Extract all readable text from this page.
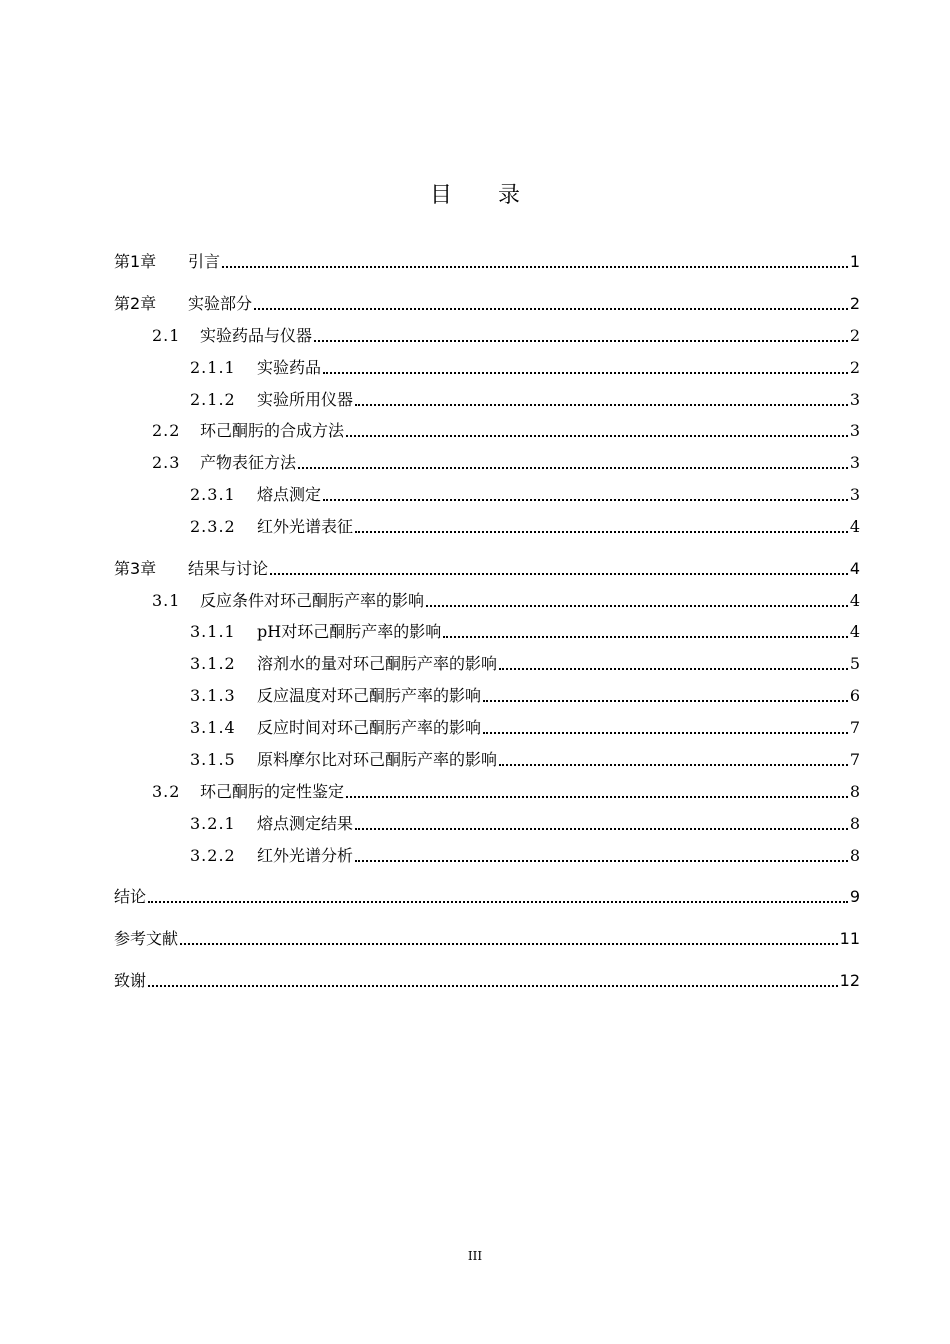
目 录
第1章	引言	1
第2章	实验部分	2
2.1	实验药品与仪器	2
2.1.1	实验药品	2
2.1.2	实验所用仪器	3
2.2	环己酮肟的合成方法	3
2.3	产物表征方法	3
2.3.1	熔点测定	3
2.3.2	红外光谱表征	4
第3章	结果与讨论	4
3.1	反应条件对环己酮肟产率的影响	4
3.1.1	pH对环己酮肟产率的影响	4
3.1.2	溶剂水的量对环己酮肟产率的影响	5
3.1.3	反应温度对环己酮肟产率的影响	6
3.1.4	反应时间对环己酮肟产率的影响	7
3.1.5	原料摩尔比对环己酮肟产率的影响	7
3.2	环己酮肟的定性鉴定	8
3.2.1	熔点测定结果	8
3.2.2	红外光谱分析	8
结论	9
参考文献	11
致谢	12
III
